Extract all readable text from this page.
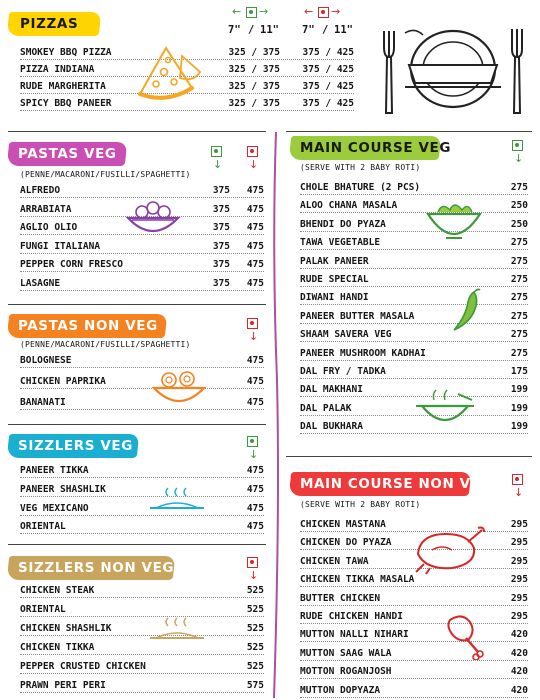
PIZZAS
← →	← →
7" / 11" 7" / 11"
SMOKEY BBQ PIZZA	325 / 375 375 / 425
PIZZA INDIANA	325 / 375 375 / 425
RUDE MARGHERITA	325 / 375 375 / 425
SPICY BBQ PANEER	325 / 375 375 / 425
PASTAS VEG
↓ ↓
(PENNE/MACARONI/FUSILLI/SPAGHETTI)
ALFREDO	375 475
ARRABIATA	375 475
AGLIO OLIO	375 475
FUNGI ITALIANA	375 475
PEPPER CORN FRESCO	375 475
LASAGNE	375 475
PASTAS NON VEG
↓
(PENNE/MACARONI/FUSILLI/SPAGHETTI)
BOLOGNESE	475
CHICKEN PAPRIKA	475
BANANATI	475
SIZZLERS VEG
↓
PANEER TIKKA	475
PANEER SHASHLIK	475
VEG MEXICANO	475
ORIENTAL	475
SIZZLERS NON VEG	↓
CHICKEN STEAK	525
ORIENTAL	525
CHICKEN SHASHLIK	525
CHICKEN TIKKA	525
PEPPER CRUSTED CHICKEN	525
PRAWN PERI PERI	575
MAIN COURSE VEG
↓
(SERVE WITH 2 BABY ROTI)
CHOLE BHATURE (2 PCS)	275
ALOO CHANA MASALA	250
BHENDI DO PYAZA	250
TAWA VEGETABLE	275
PALAK PANEER	275
RUDE SPECIAL	275
DIWANI HANDI	275
PANEER BUTTER MASALA	275
SHAAM SAVERA VEG	275
PANEER MUSHROOM KADHAI	275
DAL FRY / TADKA	175
DAL MAKHANI	199
DAL PALAK	199
DAL BUKHARA	199
MAIN COURSE NON VEG
↓
(SERVE WITH 2 BABY ROTI)
CHICKEN MASTANA	295
CHICKEN DO PYAZA	295
CHICKEN TAWA	295
CHICKEN TIKKA MASALA	295
BUTTER CHICKEN	295
RUDE CHICKEN HANDI	295
MUTTON NALLI NIHARI	420
MUTTON SAAG WALA	420
MOTTON ROGANJOSH	420
MUTTON DOPYAZA	420
